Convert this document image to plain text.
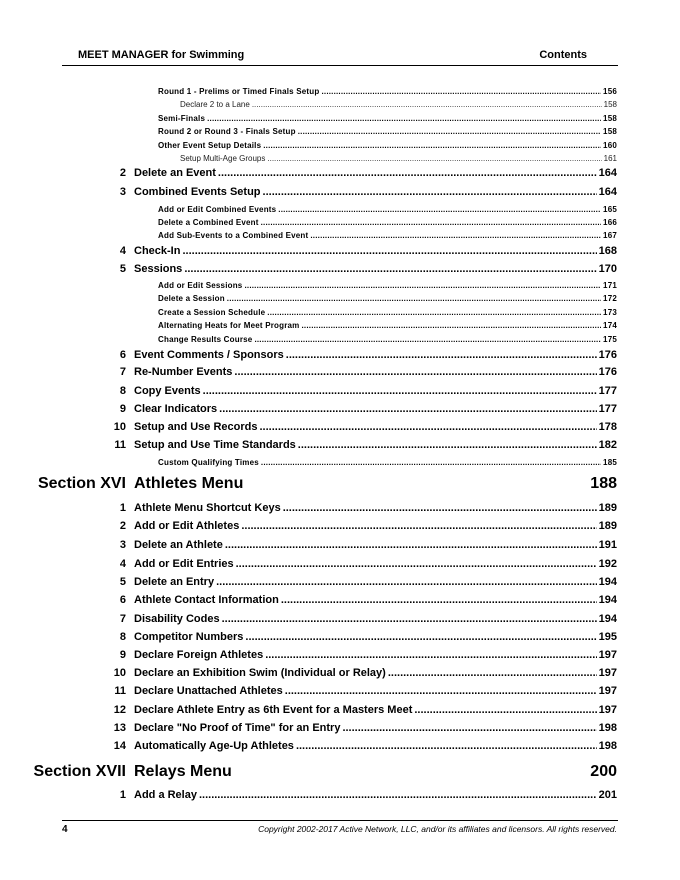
MEET MANAGER for Swimming	Contents
Round 1 - Prelims or Timed Finals Setup .....	156
Declare 2 to a Lane .....	158
Semi-Finals .....	158
Round 2 or Round 3 - Finals Setup .....	158
Other Event Setup Details .....	160
Setup Multi-Age Groups .....	161
2 Delete an Event .....	164
3 Combined Events Setup .....	164
Add or Edit Combined Events .....	165
Delete a Combined Event .....	166
Add Sub-Events to a Combined Event .....	167
4 Check-In .....	168
5 Sessions .....	170
Add or Edit Sessions .....	171
Delete a Session .....	172
Create a Session Schedule .....	173
Alternating Heats for Meet Program .....	174
Change Results Course .....	175
6 Event Comments / Sponsors .....	176
7 Re-Number Events .....	176
8 Copy Events .....	177
9 Clear Indicators .....	177
10 Setup and Use Records .....	178
11 Setup and Use Time Standards .....	182
Custom Qualifying Times .....	185
Section XVI Athletes Menu	188
1 Athlete Menu Shortcut Keys .....	189
2 Add or Edit Athletes .....	189
3 Delete an Athlete .....	191
4 Add or Edit Entries .....	192
5 Delete an Entry .....	194
6 Athlete Contact Information .....	194
7 Disability Codes .....	194
8 Competitor Numbers .....	195
9 Declare Foreign Athletes .....	197
10 Declare an Exhibition Swim (Individual or Relay) .....	197
11 Declare Unattached Athletes .....	197
12 Declare Athlete Entry as 6th Event for a Masters Meet .....	197
13 Declare "No Proof of Time" for an Entry .....	198
14 Automatically Age-Up Athletes .....	198
Section XVII Relays Menu	200
1 Add a Relay .....	201
4	Copyright 2002-2017 Active Network, LLC, and/or its affiliates and licensors. All rights reserved.
